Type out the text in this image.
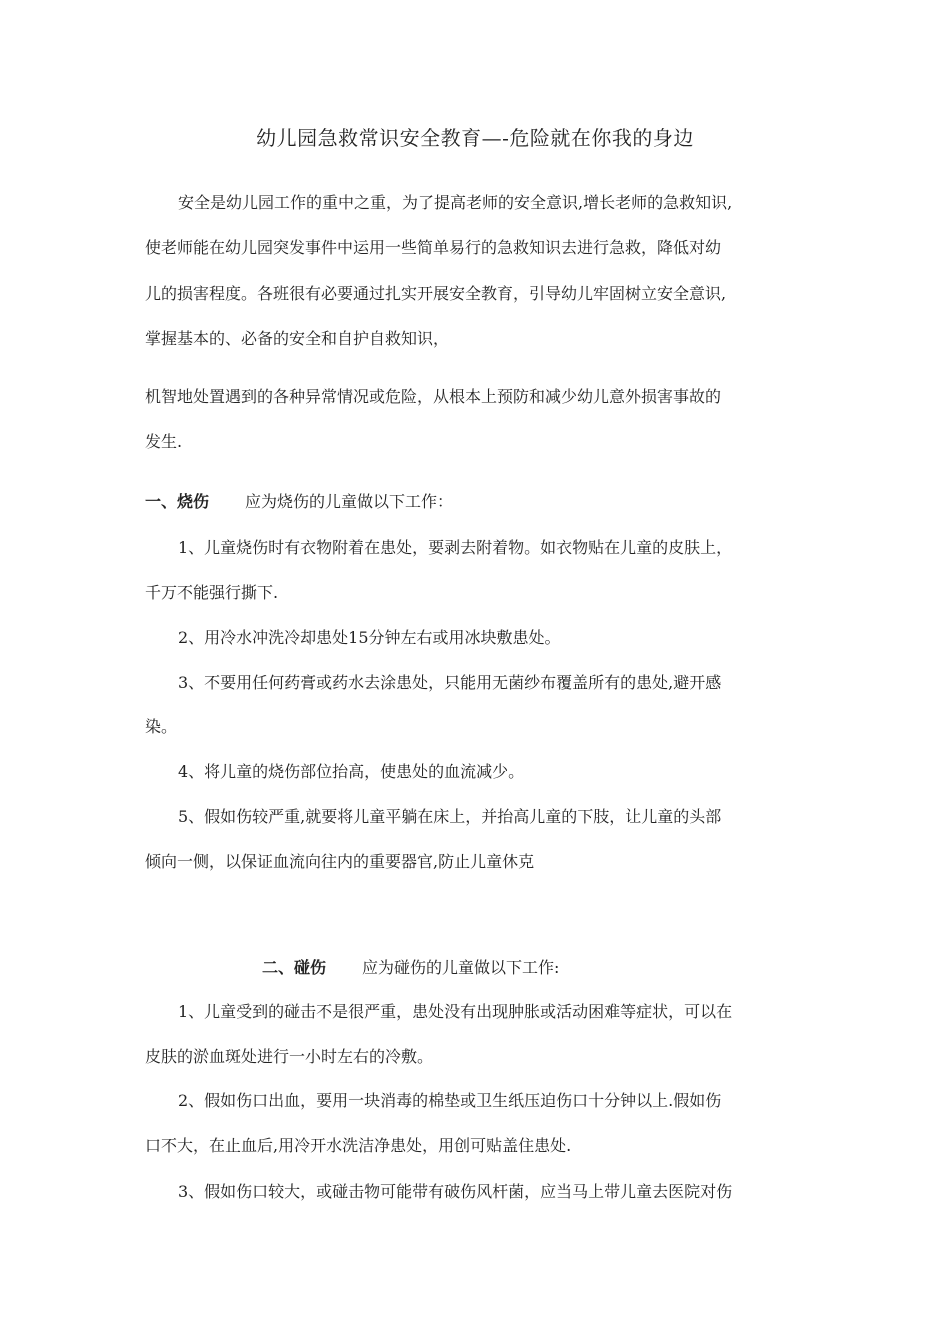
幼儿园急救常识安全教育—-危险就在你我的身边
安全是幼儿园工作的重中之重，为了提高老师的安全意识,增长老师的急救知识,
使老师能在幼儿园突发事件中运用一些简单易行的急救知识去进行急救，降低对幼
儿的损害程度。各班很有必要通过扎实开展安全教育，引导幼儿牢固树立安全意识,
掌握基本的、必备的安全和自护自救知识，
机智地处置遇到的各种异常情况或危险，从根本上预防和减少幼儿意外损害事故的
发生.
一、烧伤 应为烧伤的儿童做以下工作：
1、儿童烧伤时有衣物附着在患处，要剥去附着物。如衣物贴在儿童的皮肤上，
千万不能强行撕下.
2、用冷水冲洗冷却患处15分钟左右或用冰块敷患处。
3、不要用任何药膏或药水去涂患处，只能用无菌纱布覆盖所有的患处,避开感
染。
4、将儿童的烧伤部位抬高，使患处的血流减少。
5、假如伤较严重,就要将儿童平躺在床上，并抬高儿童的下肢，让儿童的头部
倾向一侧，以保证血流向往内的重要器官,防止儿童休克
二、碰伤 应为碰伤的儿童做以下工作:
1、儿童受到的碰击不是很严重，患处没有出现肿胀或活动困难等症状，可以在
皮肤的淤血斑处进行一小时左右的冷敷。
2、假如伤口出血，要用一块消毒的棉垫或卫生纸压迫伤口十分钟以上.假如伤
口不大，在止血后,用冷开水洗洁净患处，用创可贴盖住患处.
3、假如伤口较大，或碰击物可能带有破伤风杆菌，应当马上带儿童去医院对伤
